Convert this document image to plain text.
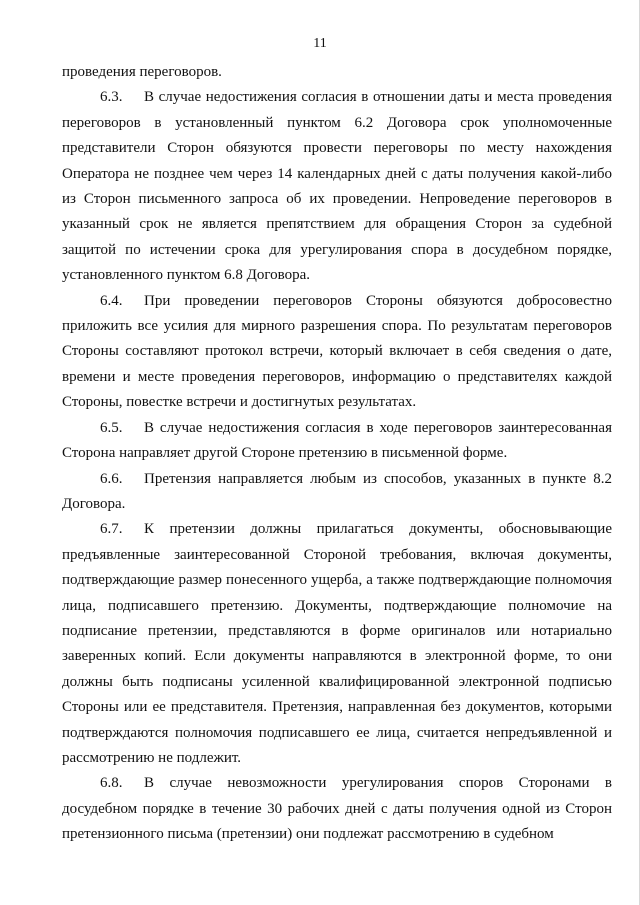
11

проведения переговоров.

6.3. В случае недостижения согласия в отношении даты и места проведения переговоров в установленный пунктом 6.2 Договора срок уполномоченные представители Сторон обязуются провести переговоры по месту нахождения Оператора не позднее чем через 14 календарных дней с даты получения какой-либо из Сторон письменного запроса об их проведении. Непроведение переговоров в указанный срок не является препятствием для обращения Сторон за судебной защитой по истечении срока для урегулирования спора в досудебном порядке, установленного пунктом 6.8 Договора.

6.4. При проведении переговоров Стороны обязуются добросовестно приложить все усилия для мирного разрешения спора. По результатам переговоров Стороны составляют протокол встречи, который включает в себя сведения о дате, времени и месте проведения переговоров, информацию о представителях каждой Стороны, повестке встречи и достигнутых результатах.

6.5. В случае недостижения согласия в ходе переговоров заинтересованная Сторона направляет другой Стороне претензию в письменной форме.

6.6. Претензия направляется любым из способов, указанных в пункте 8.2 Договора.

6.7. К претензии должны прилагаться документы, обосновывающие предъявленные заинтересованной Стороной требования, включая документы, подтверждающие размер понесенного ущерба, а также подтверждающие полномочия лица, подписавшего претензию. Документы, подтверждающие полномочие на подписание претензии, представляются в форме оригиналов или нотариально заверенных копий. Если документы направляются в электронной форме, то они должны быть подписаны усиленной квалифицированной электронной подписью Стороны или ее представителя. Претензия, направленная без документов, которыми подтверждаются полномочия подписавшего ее лица, считается непредъявленной и рассмотрению не подлежит.

6.8. В случае невозможности урегулирования споров Сторонами в досудебном порядке в течение 30 рабочих дней с даты получения одной из Сторон претензионного письма (претензии) они подлежат рассмотрению в судебном
